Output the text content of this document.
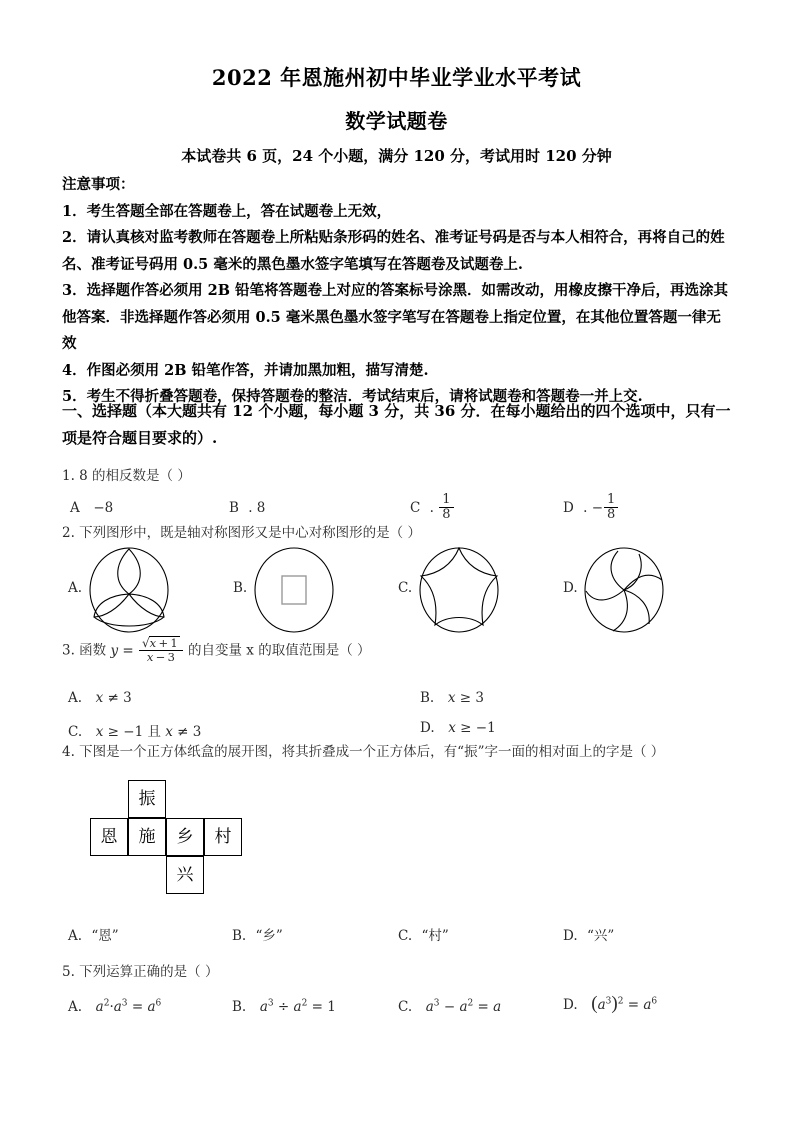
2022 年恩施州初中毕业学业水平考试
数学试题卷
本试卷共 6 页，24 个小题，满分 120 分，考试用时 120 分钟
注意事项：
1．考生答题全部在答题卷上，答在试题卷上无效，
2．请认真核对监考教师在答题卷上所粘贴条形码的姓名、准考证号码是否与本人相符合，再将自己的姓名、准考证号码用 0.5 毫米的黑色墨水签字笔填写在答题卷及试题卷上.
3．选择题作答必须用 2B 铅笔将答题卷上对应的答案标号涂黑．如需改动，用橡皮擦干净后，再选涂其他答案．非选择题作答必须用 0.5 毫米黑色墨水签字笔写在答题卷上指定位置，在其他位置答题一律无效
4．作图必须用 2B 铅笔作答，并请加黑加粗，描写清楚.
5．考生不得折叠答题卷，保持答题卷的整洁．考试结束后，请将试题卷和答题卷一并上交.
一、选择题（本大题共有 12 个小题，每小题 3 分，共 36 分．在每小题给出的四个选项中，只有一项是符合题目要求的）.
1. 8 的相反数是（ ）
A  −8	B . 8	C . $\frac{1}{8}$	D . − $\frac{1}{8}$
2. 下列图形中，既是轴对称图形又是中心对称图形的是（ ）
A.	B.	C.	D.
3. 函数 $y = \frac{√x + 1}{x - 3}$ 的自变量 x 的取值范围是（ ）
A. x ≠ 3	B. x ≥ 3
C. x ≥ −1 且 x ≠ 3	D. x ≥ −1
4. 下图是一个正方体纸盒的展开图，将其折叠成一个正方体后，有“振”字一面的相对面上的字是（ ）
振
恩	施	乡	村
兴
A. “恩”	B. “乡”	C. “村”	D. “兴”
5. 下列运算正确的是（ ）
A. $a^2\cdot a^3 = a^6$	B. $a^3 \div a^2 = 1$	C. $a^3 - a^2 = a$	D. $(a^3)^2 = a^6$
